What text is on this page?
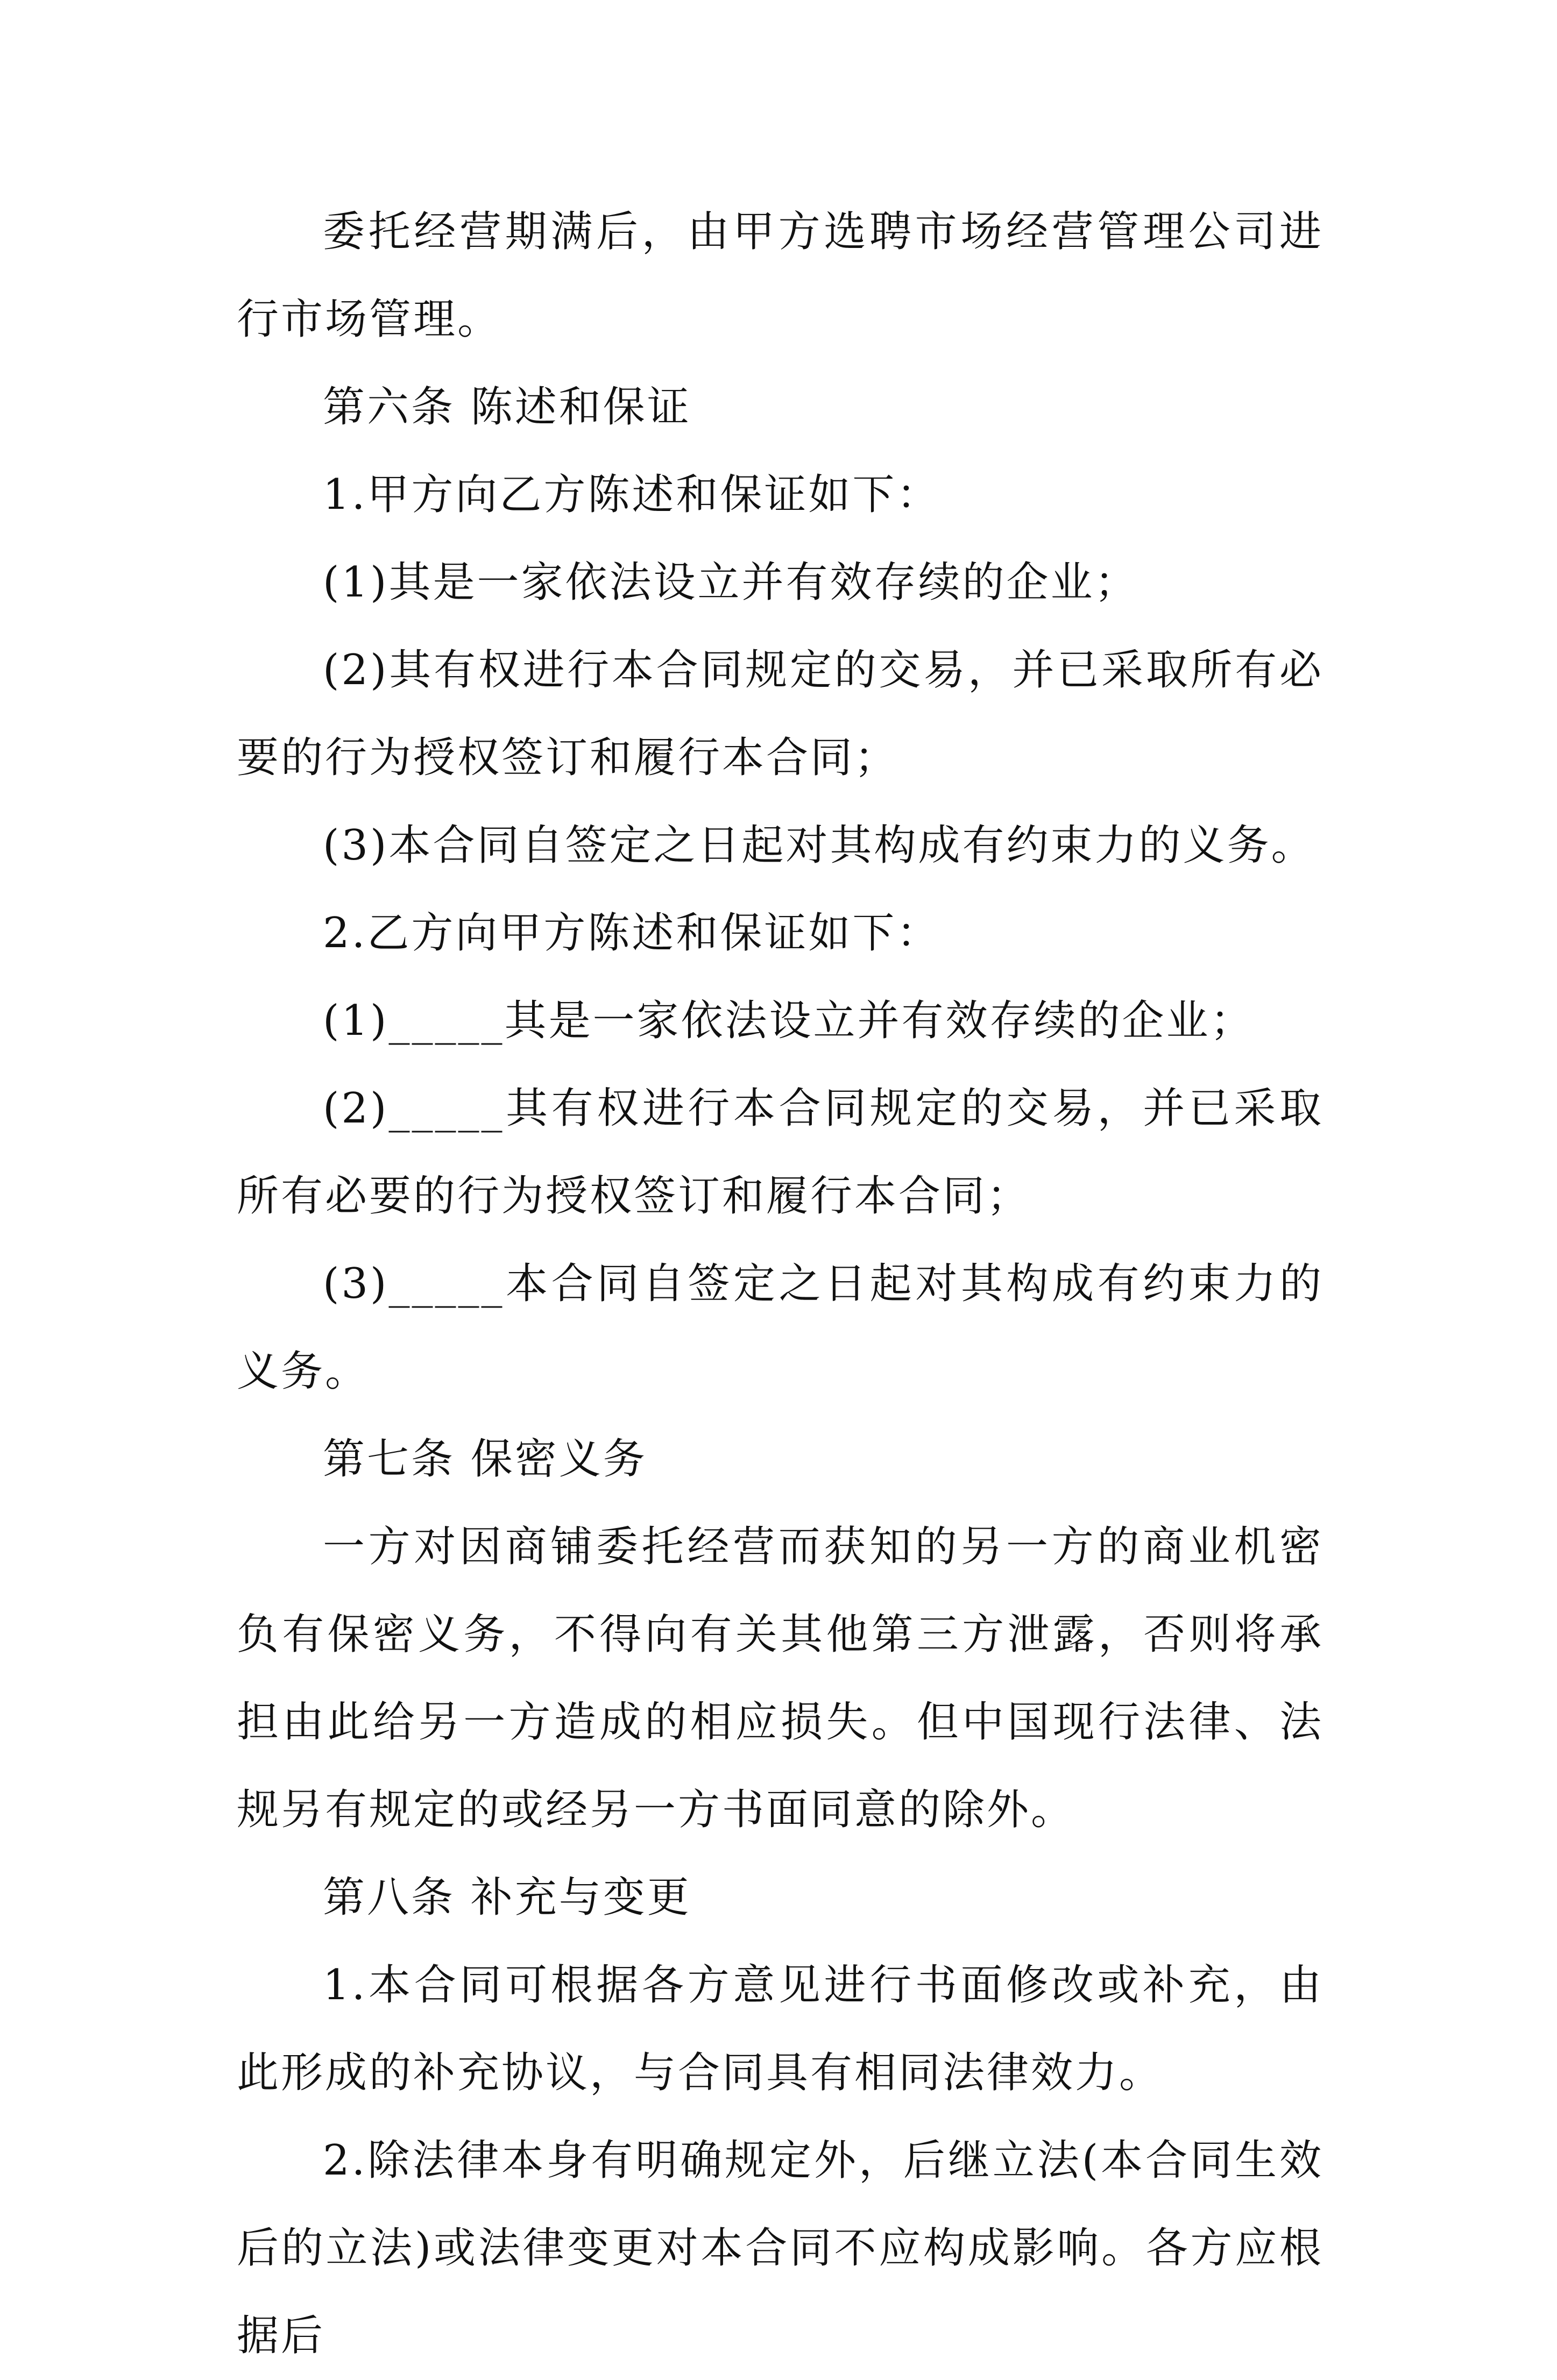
委托经营期满后，由甲方选聘市场经营管理公司进行市场管理。

第六条 陈述和保证

1.甲方向乙方陈述和保证如下：

(1)其是一家依法设立并有效存续的企业；

(2)其有权进行本合同规定的交易，并已采取所有必要的行为授权签订和履行本合同；

(3)本合同自签定之日起对其构成有约束力的义务。

2.乙方向甲方陈述和保证如下：

(1)_____其是一家依法设立并有效存续的企业；

(2)_____其有权进行本合同规定的交易，并已采取所有必要的行为授权签订和履行本合同；

(3)_____本合同自签定之日起对其构成有约束力的义务。

第七条 保密义务

一方对因商铺委托经营而获知的另一方的商业机密负有保密义务，不得向有关其他第三方泄露，否则将承担由此给另一方造成的相应损失。但中国现行法律、法规另有规定的或经另一方书面同意的除外。

第八条 补充与变更

1.本合同可根据各方意见进行书面修改或补充，由此形成的补充协议，与合同具有相同法律效力。

2.除法律本身有明确规定外，后继立法(本合同生效后的立法)或法律变更对本合同不应构成影响。各方应根据后
